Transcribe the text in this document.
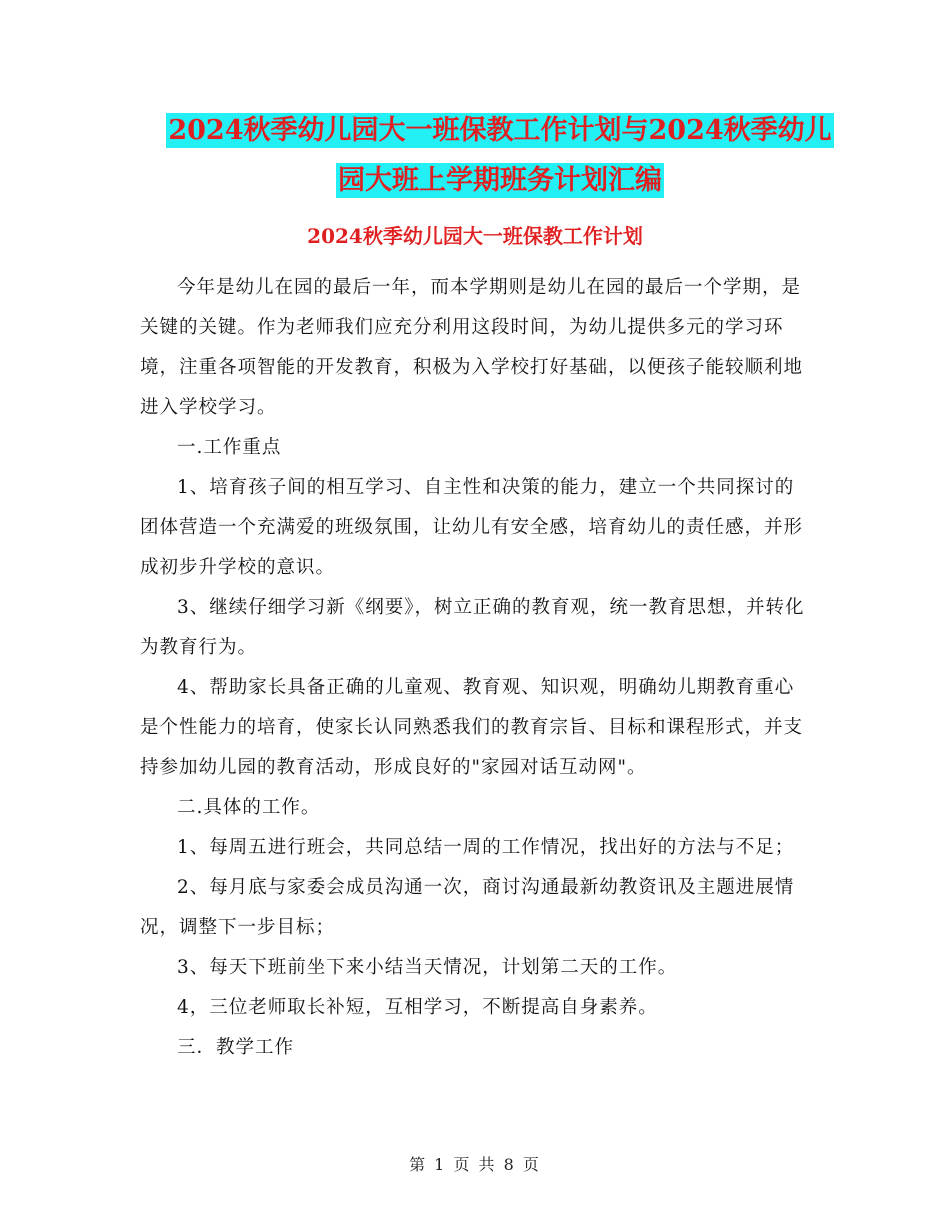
2024秋季幼儿园大一班保教工作计划与2024秋季幼儿
园大班上学期班务计划汇编
2024秋季幼儿园大一班保教工作计划

今年是幼儿在园的最后一年，而本学期则是幼儿在园的最后一个学期，是关键的关键。作为老师我们应充分利用这段时间，为幼儿提供多元的学习环境，注重各项智能的开发教育，积极为入学校打好基础，以便孩子能较顺利地进入学校学习。

一.工作重点

1、培育孩子间的相互学习、自主性和决策的能力，建立一个共同探讨的团体营造一个充满爱的班级氛围，让幼儿有安全感，培育幼儿的责任感，并形成初步升学校的意识。

3、继续仔细学习新《纲要》，树立正确的教育观，统一教育思想，并转化为教育行为。

4、帮助家长具备正确的儿童观、教育观、知识观，明确幼儿期教育重心是个性能力的培育，使家长认同熟悉我们的教育宗旨、目标和课程形式，并支持参加幼儿园的教育活动，形成良好的"家园对话互动网"。

二.具体的工作。

1、每周五进行班会，共同总结一周的工作情况，找出好的方法与不足；

2、每月底与家委会成员沟通一次，商讨沟通最新幼教资讯及主题进展情况，调整下一步目标；

3、每天下班前坐下来小结当天情况，计划第二天的工作。

4，三位老师取长补短，互相学习，不断提高自身素养。

三．教学工作

第 1 页 共 8 页
